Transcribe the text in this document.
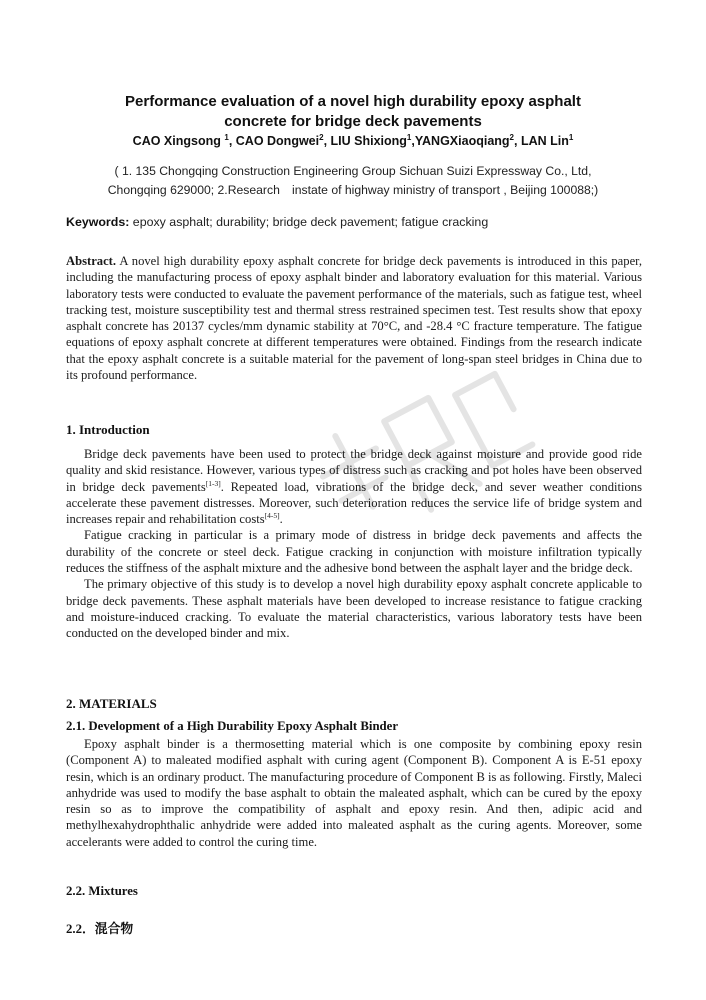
Performance evaluation of a novel high durability epoxy asphalt
concrete for bridge deck pavements
CAO Xingsong $^1$, CAO Dongwei$^2$, LIU Shixiong$^1$,YANGXiaoqiang$^2$, LAN Lin$^1$
( 1. 135 Chongqing Construction Engineering Group Sichuan Suizi Expressway Co., Ltd,
Chongqing 629000; 2.Research　instate of highway ministry of transport , Beijing 100088;)
Keywords: epoxy asphalt; durability; bridge deck pavement; fatigue cracking

Abstract. A novel high durability epoxy asphalt concrete for bridge deck pavements is introduced in this paper, including the manufacturing process of epoxy asphalt binder and laboratory evaluation for this material. Various laboratory tests were conducted to evaluate the pavement performance of the materials, such as fatigue test, wheel tracking test, moisture susceptibility test and thermal stress restrained specimen test. Test results show that epoxy asphalt concrete has 20137 cycles/mm dynamic stability at 70°C, and -28.4 °C fracture temperature. The fatigue equations of epoxy asphalt concrete at different temperatures were obtained. Findings from the research indicate that the epoxy asphalt concrete is a suitable material for the pavement of long-span steel bridges in China due to its profound performance.

1. Introduction

Bridge deck pavements have been used to protect the bridge deck against moisture and provide good ride quality and skid resistance. However, various types of distress such as cracking and pot holes have been observed in bridge deck pavements[1-3]. Repeated load, vibrations of the bridge deck, and sever weather conditions accelerate these pavement distresses. Moreover, such deterioration reduces the service life of bridge system and increases repair and rehabilitation costs[4-5].

Fatigue cracking in particular is a primary mode of distress in bridge deck pavements and affects the durability of the concrete or steel deck. Fatigue cracking in conjunction with moisture infiltration typically reduces the stiffness of the asphalt mixture and the adhesive bond between the asphalt layer and the bridge deck.

The primary objective of this study is to develop a novel high durability epoxy asphalt concrete applicable to bridge deck pavements. These asphalt materials have been developed to increase resistance to fatigue cracking and moisture-induced cracking. To evaluate the material characteristics, various laboratory tests have been conducted on the developed binder and mix.

2. MATERIALS
2.1. Development of a High Durability Epoxy Asphalt Binder

Epoxy asphalt binder is a thermosetting material which is one composite by combining epoxy resin (Component A) to maleated modified asphalt with curing agent (Component B). Component A is E-51 epoxy resin, which is an ordinary product. The manufacturing procedure of Component B is as following. Firstly, Maleci anhydride was used to modify the base asphalt to obtain the maleated asphalt, which can be cured by the epoxy resin so as to improve the compatibility of asphalt and epoxy resin. And then, adipic acid and methylhexahydrophthalic anhydride were added into maleated asphalt as the curing agents. Moreover, some accelerants were added to control the curing time.

2.2. Mixtures
2.2．混合物
